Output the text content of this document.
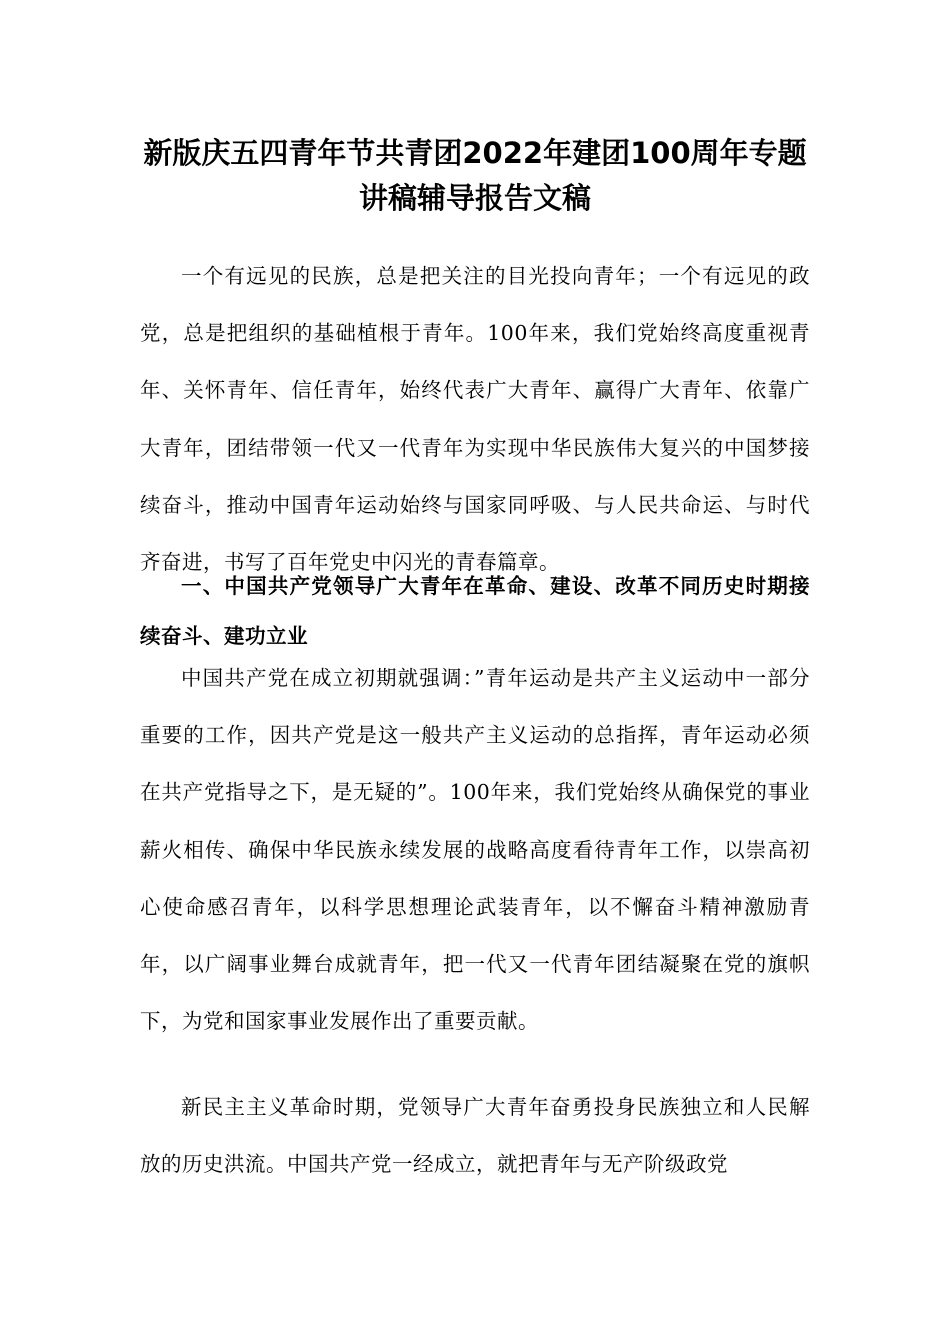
新版庆五四青年节共青团2022年建团100周年专题
讲稿辅导报告文稿

一个有远见的民族，总是把关注的目光投向青年；一个有远见的政党，总是把组织的基础植根于青年。100年来，我们党始终高度重视青年、关怀青年、信任青年，始终代表广大青年、赢得广大青年、依靠广大青年，团结带领一代又一代青年为实现中华民族伟大复兴的中国梦接续奋斗，推动中国青年运动始终与国家同呼吸、与人民共命运、与时代齐奋进，书写了百年党史中闪光的青春篇章。

一、中国共产党领导广大青年在革命、建设、改革不同历史时期接续奋斗、建功立业

中国共产党在成立初期就强调：”青年运动是共产主义运动中一部分重要的工作，因共产党是这一般共产主义运动的总指挥，青年运动必须在共产党指导之下，是无疑的”。100年来，我们党始终从确保党的事业薪火相传、确保中华民族永续发展的战略高度看待青年工作，以崇高初心使命感召青年，以科学思想理论武装青年，以不懈奋斗精神激励青年，以广阔事业舞台成就青年，把一代又一代青年团结凝聚在党的旗帜下，为党和国家事业发展作出了重要贡献。

新民主主义革命时期，党领导广大青年奋勇投身民族独立和人民解放的历史洪流。中国共产党一经成立，就把青年与无产阶级政党
